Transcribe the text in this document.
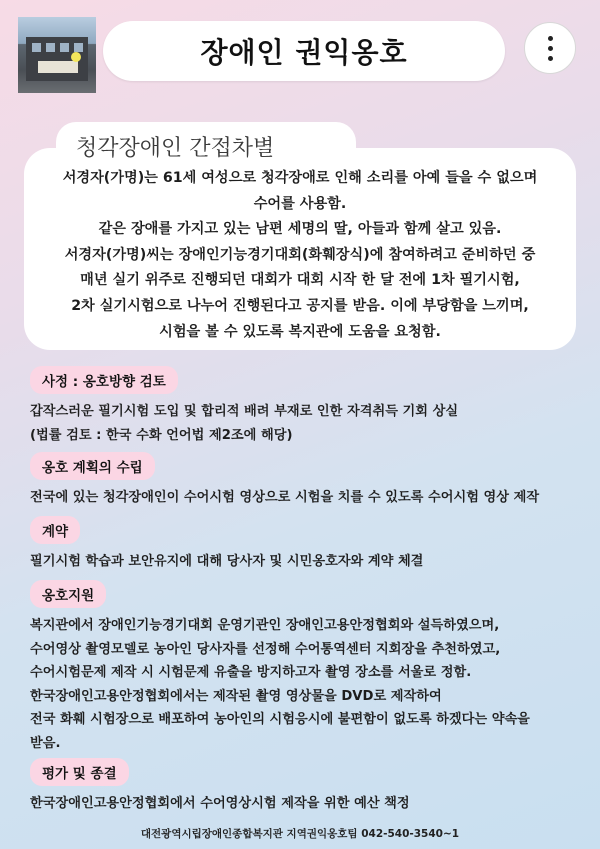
장애인 권익옹호
청각장애인 간접차별
서경자(가명)는 61세 여성으로 청각장애로 인해 소리를 아예 들을 수 없으며
수어를 사용함.
같은 장애를 가지고 있는 남편 세명의 딸, 아들과 함께 살고 있음.
서경자(가명)씨는 장애인기능경기대회(화훼장식)에 참여하려고 준비하던 중
매년 실기 위주로 진행되던 대회가 대회 시작 한 달 전에 1차 필기시험,
2차 실기시험으로 나누어 진행된다고 공지를 받음. 이에 부당함을 느끼며,
시험을 볼 수 있도록 복지관에 도움을 요청함.
사정 : 옹호방향 검토
갑작스러운 필기시험 도입 및 합리적 배려 부재로 인한 자격취득 기회 상실
(법률 검토 : 한국 수화 언어법 제2조에 해당)
옹호 계획의 수립
전국에 있는 청각장애인이 수어시험 영상으로 시험을 치를 수 있도록 수어시험 영상 제작
계약
필기시험 학습과 보안유지에 대해 당사자 및 시민옹호자와 계약 체결
옹호지원
복지관에서 장애인기능경기대회 운영기관인 장애인고용안정협회와 설득하였으며,
수어영상 촬영모델로 농아인 당사자를 선정해 수어통역센터 지회장을 추천하였고,
수어시험문제 제작 시 시험문제 유출을 방지하고자 촬영 장소를 서울로 정함.
한국장애인고용안정협회에서는 제작된 촬영 영상물을 DVD로 제작하여
전국 화훼 시험장으로 배포하여 농아인의 시험응시에 불편함이 없도록 하겠다는 약속을
받음.
평가 및 종결
한국장애인고용안정협회에서 수어영상시험 제작을 위한 예산 책정
대전광역시립장애인종합복지관 지역권익옹호팀 042-540-3540~1
